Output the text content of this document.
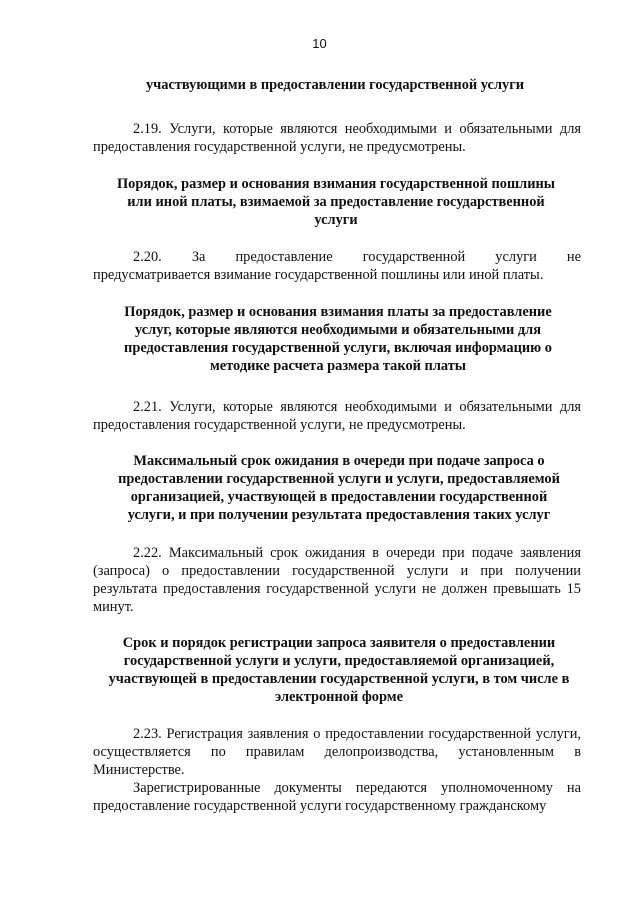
10
участвующими в предоставлении государственной услуги
2.19. Услуги, которые являются необходимыми и обязательными для предоставления государственной услуги, не предусмотрены.
Порядок, размер и основания взимания государственной пошлины или иной платы, взимаемой за предоставление государственной услуги
2.20. За предоставление государственной услуги не
предусматривается взимание государственной пошлины или иной платы.
Порядок, размер и основания взимания платы за предоставление услуг, которые являются необходимыми и обязательными для предоставления государственной услуги, включая информацию о методике расчета размера такой платы
2.21. Услуги, которые являются необходимыми и обязательными для предоставления государственной услуги, не предусмотрены.
Максимальный срок ожидания в очереди при подаче запроса о предоставлении государственной услуги и услуги, предоставляемой организацией, участвующей в предоставлении государственной услуги, и при получении результата предоставления таких услуг
2.22. Максимальный срок ожидания в очереди при подаче заявления (запроса) о предоставлении государственной услуги и при получении результата предоставления государственной услуги не должен превышать 15 минут.
Срок и порядок регистрации запроса заявителя о предоставлении государственной услуги и услуги, предоставляемой организацией, участвующей в предоставлении государственной услуги, в том числе в электронной форме
2.23. Регистрация заявления о предоставлении государственной услуги, осуществляется по правилам делопроизводства, установленным в Министерстве.
Зарегистрированные документы передаются уполномоченному на предоставление государственной услуги государственному гражданскому
